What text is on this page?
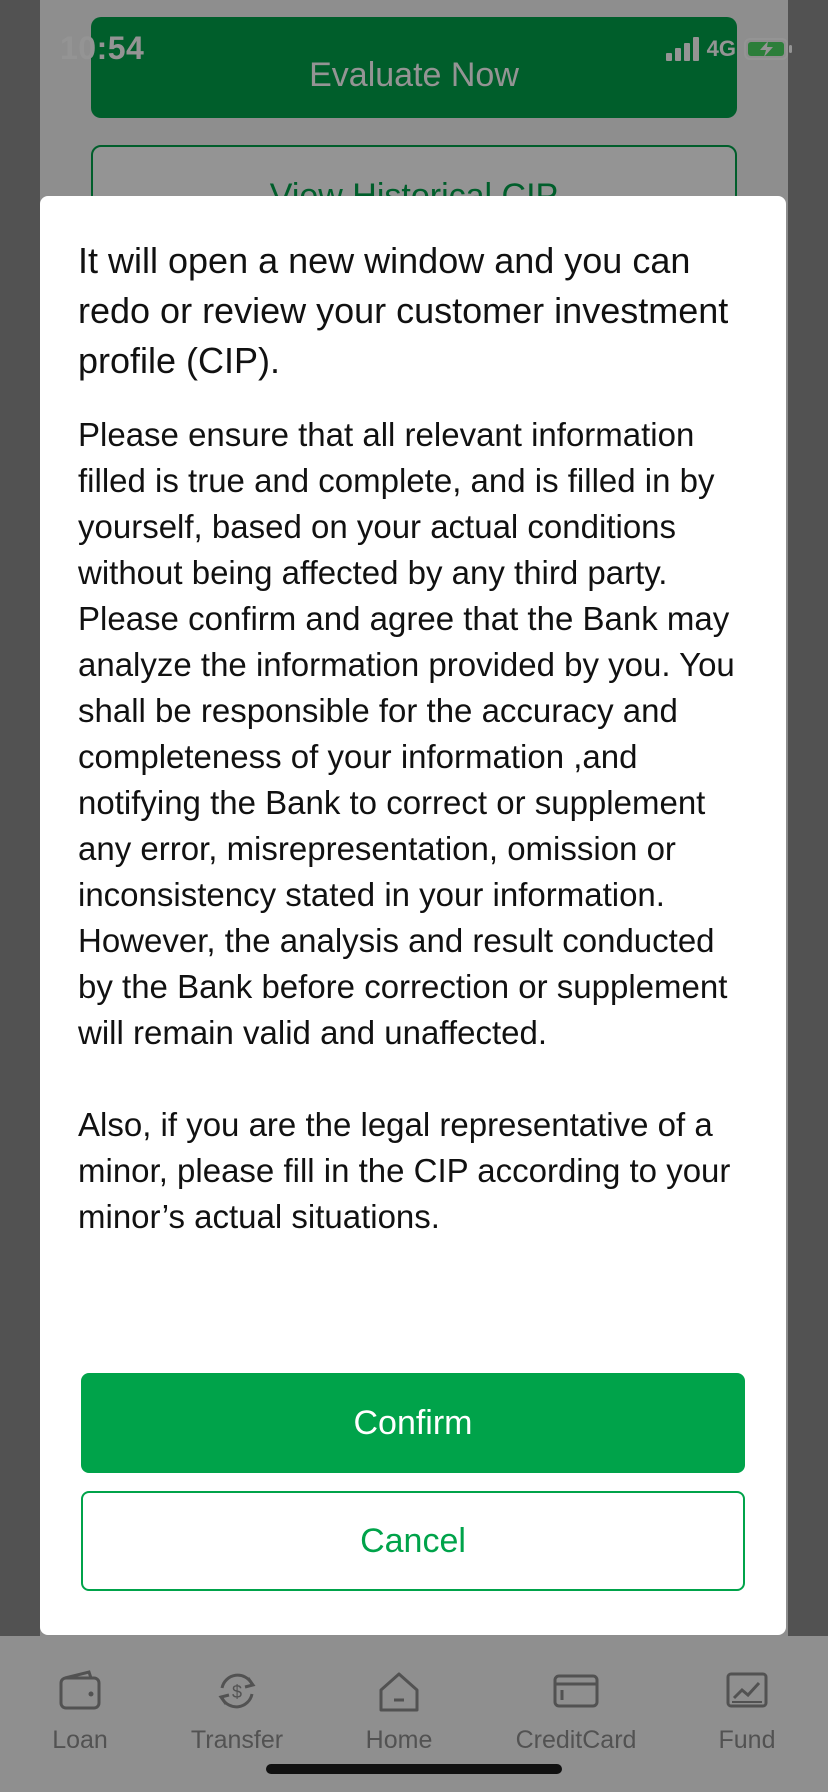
Evaluate Now
10:54	4G
Loan
$
Transfer	Home	CreditCard	Fund
It will open a new window and you can redo or review your customer investment profile (CIP).

Please ensure that all relevant information filled is true and complete, and is filled in by yourself, based on your actual conditions without being affected by any third party. Please confirm and agree that the Bank may analyze the information provided by you. You shall be responsible for the accuracy and completeness of your information ,and notifying the Bank to correct or supplement any error, misrepresentation, omission or inconsistency stated in your information. However, the analysis and result conducted by the Bank before correction or supplement will remain valid and unaffected.

Also, if you are the legal representative of a minor, please fill in the CIP according to your minor’s actual situations.

Confirm
Cancel
